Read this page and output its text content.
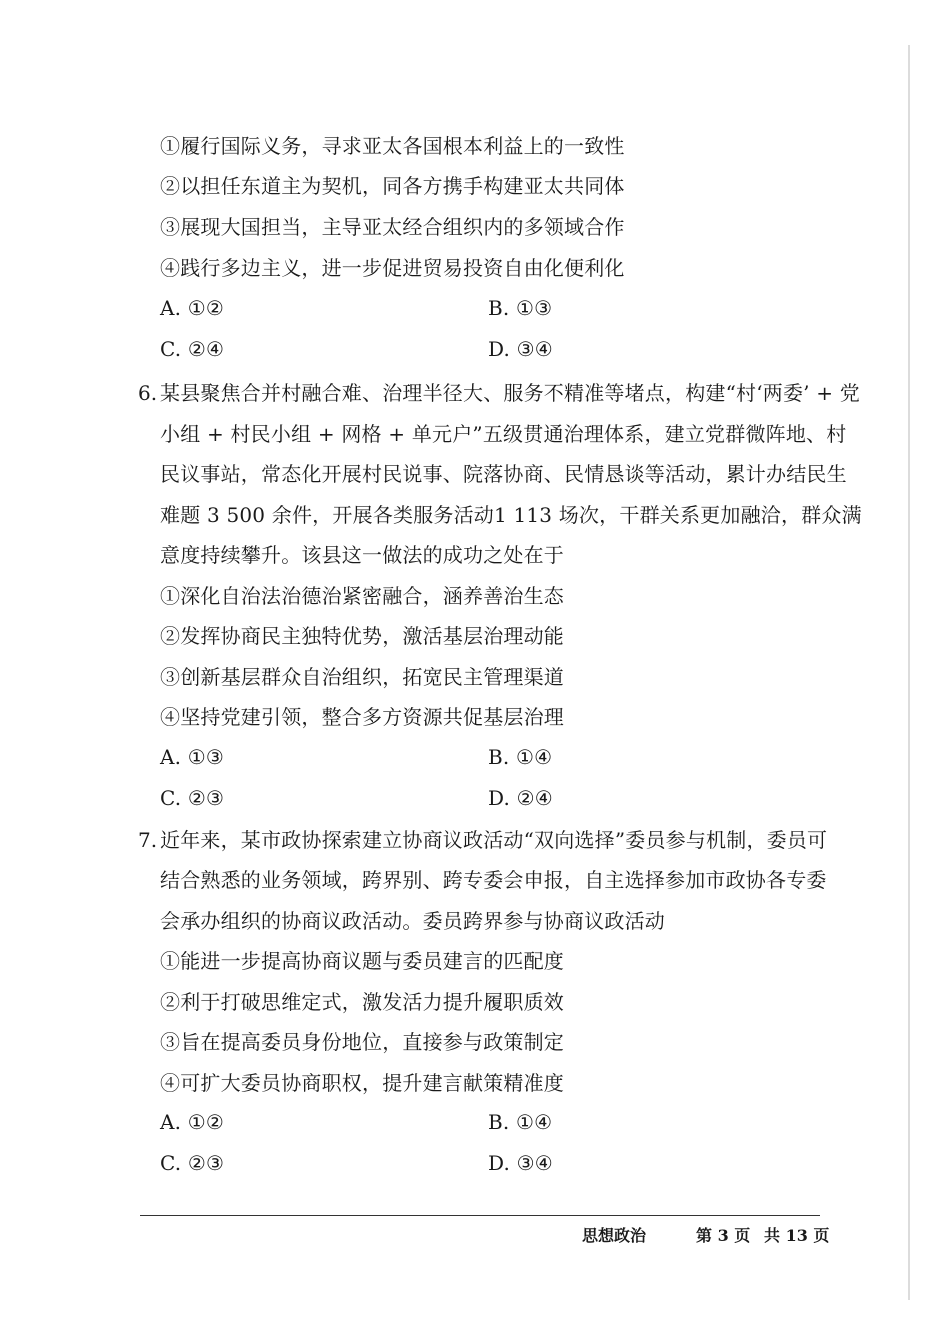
①履行国际义务，寻求亚太各国根本利益上的一致性
②以担任东道主为契机，同各方携手构建亚太共同体
③展现大国担当，主导亚太经合组织内的多领域合作
④践行多边主义，进一步促进贸易投资自由化便利化
A. ①②	B. ①③
C. ②④	D. ③④
6. 某县聚焦合并村融合难、治理半径大、服务不精准等堵点，构建“村‘两委’ + 党
小组 + 村民小组 + 网格 + 单元户”五级贯通治理体系，建立党群微阵地、村
民议事站，常态化开展村民说事、院落协商、民情恳谈等活动，累计办结民生
难题 3 500 余件，开展各类服务活动1 113 场次，干群关系更加融洽，群众满
意度持续攀升。该县这一做法的成功之处在于
①深化自治法治德治紧密融合，涵养善治生态
②发挥协商民主独特优势，激活基层治理动能
③创新基层群众自治组织，拓宽民主管理渠道
④坚持党建引领，整合多方资源共促基层治理
A. ①③	B. ①④
C. ②③	D. ②④
7. 近年来，某市政协探索建立协商议政活动“双向选择”委员参与机制，委员可
结合熟悉的业务领域，跨界别、跨专委会申报，自主选择参加市政协各专委
会承办组织的协商议政活动。委员跨界参与协商议政活动
①能进一步提高协商议题与委员建言的匹配度
②利于打破思维定式，激发活力提升履职质效
③旨在提高委员身份地位，直接参与政策制定
④可扩大委员协商职权，提升建言献策精准度
A. ①②	B. ①④
C. ②③	D. ③④
思想政治	第 3 页 共 13 页
